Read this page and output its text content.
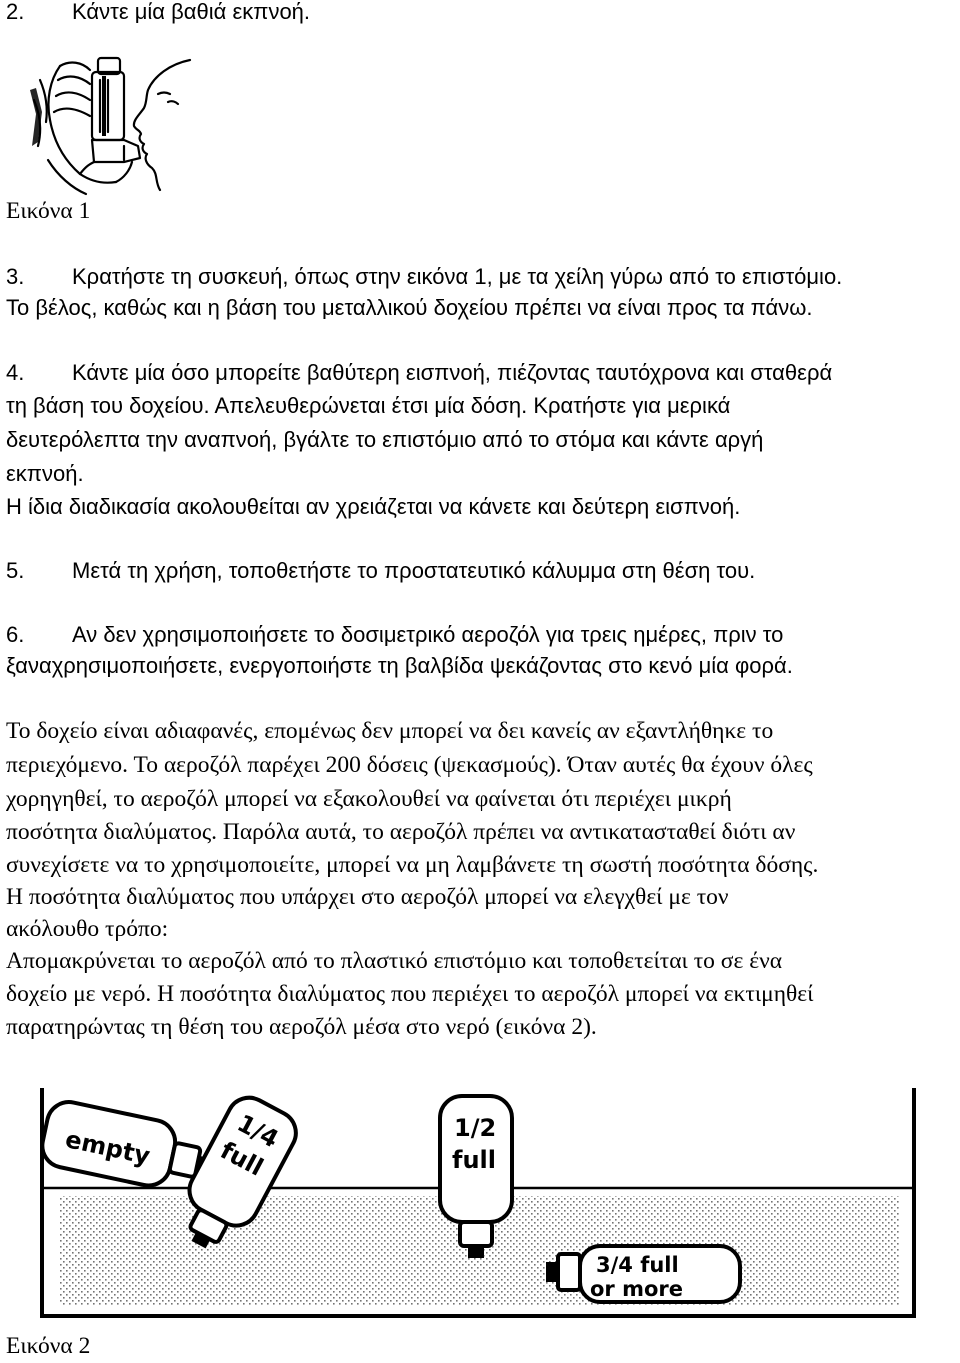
2. Κάντε μία βαθιά εκπνοή.
Εικόνα 1
3. Κρατήστε τη συσκευή, όπως στην εικόνα 1, με τα χείλη γύρω από το επιστόμιο.
Το βέλος, καθώς και η βάση του μεταλλικού δοχείου πρέπει να είναι προς τα πάνω.
4. Κάντε μία όσο μπορείτε βαθύτερη εισπνοή, πιέζοντας ταυτόχρονα και σταθερά
τη βάση του δοχείου. Απελευθερώνεται έτσι μία δόση. Κρατήστε για μερικά
δευτερόλεπτα την αναπνοή, βγάλτε το επιστόμιο από το στόμα και κάντε αργή
εκπνοή.
Η ίδια διαδικασία ακολουθείται αν χρειάζεται να κάνετε και δεύτερη εισπνοή.
5. Μετά τη χρήση, τοποθετήστε το προστατευτικό κάλυμμα στη θέση του.
6. Αν δεν χρησιμοποιήσετε το δοσιμετρικό αεροζόλ για τρεις ημέρες, πριν το
ξαναχρησιμοποιήσετε, ενεργοποιήστε τη βαλβίδα ψεκάζοντας στο κενό μία φορά.
Το δοχείο είναι αδιαφανές, επομένως δεν μπορεί να δει κανείς αν εξαντλήθηκε το
περιεχόμενο. Το αεροζόλ παρέχει 200 δόσεις (ψεκασμούς). Όταν αυτές θα έχουν όλες
χορηγηθεί, το αεροζόλ μπορεί να εξακολουθεί να φαίνεται ότι περιέχει μικρή
ποσότητα διαλύματος. Παρόλα αυτά, το αεροζόλ πρέπει να αντικατασταθεί διότι αν
συνεχίσετε να το χρησιμοποιείτε, μπορεί να μη λαμβάνετε τη σωστή ποσότητα δόσης.
Η ποσότητα διαλύματος που υπάρχει στο αεροζόλ μπορεί να ελεγχθεί με τον
ακόλουθο τρόπο:
Απομακρύνεται το αεροζόλ από το πλαστικό επιστόμιο και τοποθετείται το σε ένα
δοχείο με νερό. Η ποσότητα διαλύματος που περιέχει το αεροζόλ μπορεί να εκτιμηθεί
παρατηρώντας τη θέση του αεροζόλ μέσα στο νερό (εικόνα 2).
empty	1/4
full
1/2
full
3/4 full
or more
Εικόνα 2
